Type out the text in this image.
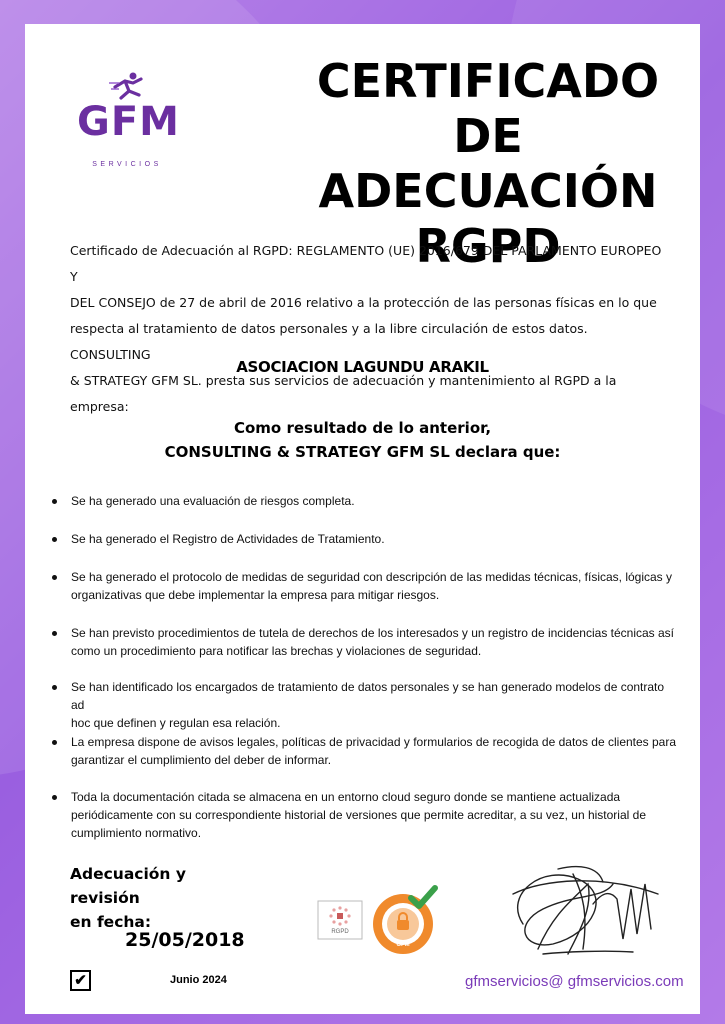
GFM
SERVICIOS
CERTIFICADO DE
ADECUACIÓN
RGPD
Certificado de Adecuación al RGPD: REGLAMENTO (UE) 2016/679 DEL PARLAMENTO EUROPEO Y
DEL CONSEJO de 27 de abril de 2016 relativo a la protección de las personas físicas en lo que
respecta al tratamiento de datos personales y a la libre circulación de estos datos. CONSULTING
& STRATEGY GFM SL. presta sus servicios de adecuación y mantenimiento al RGPD a la empresa:
ASOCIACION LAGUNDU ARAKIL
Como resultado de lo anterior,
CONSULTING & STRATEGY GFM SL declara que:
Se ha generado una evaluación de riesgos completa.
Se ha generado el Registro de Actividades de Tratamiento.
Se ha generado el protocolo de medidas de seguridad con descripción de las medidas técnicas, físicas, lógicas y
organizativas que debe implementar la empresa para mitigar riesgos.
Se han previsto procedimientos de tutela de derechos de los interesados y un registro de incidencias técnicas así
como un procedimiento para notificar las brechas y violaciones de seguridad.
Se han identificado los encargados de tratamiento de datos personales y se han generado modelos de contrato ad
hoc que definen y regulan esa relación.
La empresa dispone de avisos legales, políticas de privacidad y formularios de recogida de datos de clientes para
garantizar el cumplimiento del deber de informar.
Toda la documentación citada se almacena en un entorno cloud seguro donde se mantiene actualizada
periódicamente con su correspondiente historial de versiones que permite acreditar, a su vez, un historial de
cumplimiento normativo.
Adecuación y revisión
en fecha:
25/05/2018
✔	Junio 2024
RGPD
GFM
gfmservicios@ gfmservicios.com
